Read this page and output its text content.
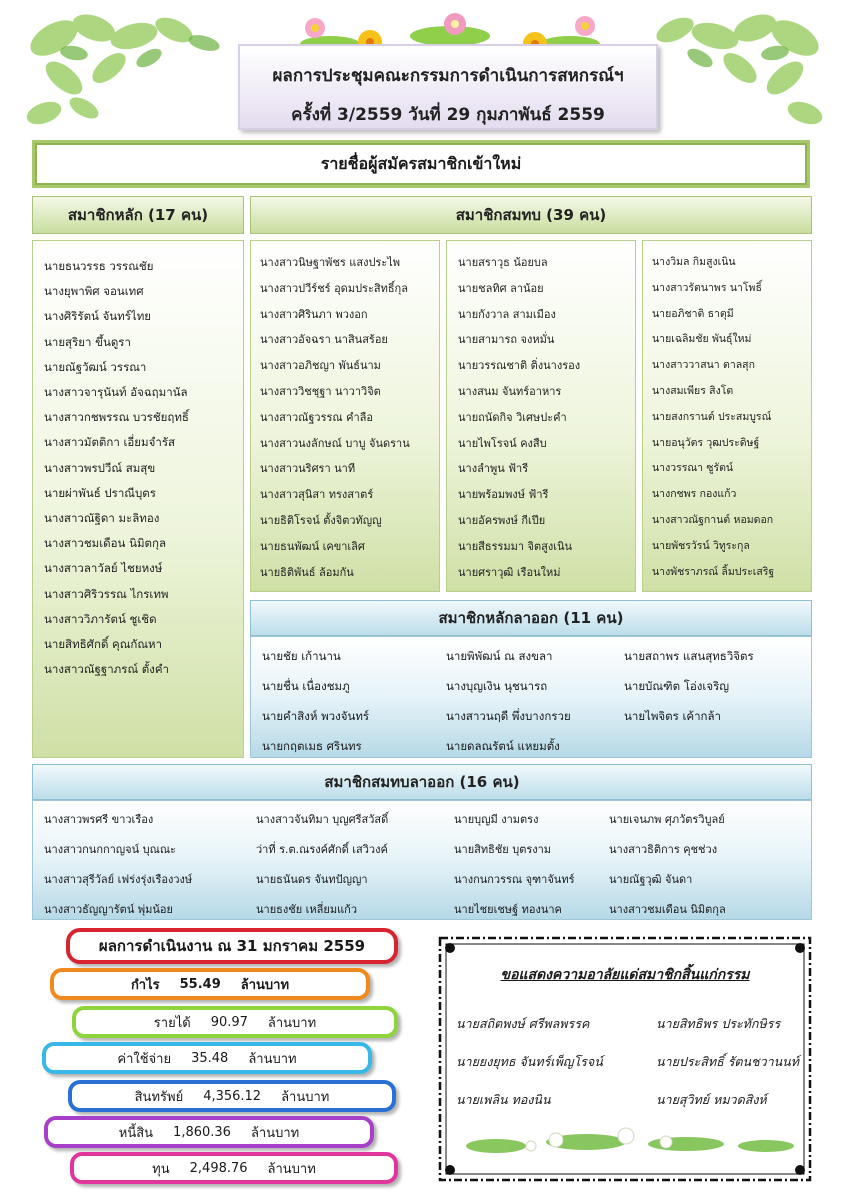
ผลการประชุมคณะกรรมการดำเนินการสหกรณ์ฯ
ครั้งที่ 3/2559 วันที่ 29 กุมภาพันธ์ 2559
รายชื่อผู้สมัครสมาชิกเข้าใหม่
สมาชิกหลัก (17 คน)
นายธนวรรธ วรรณชัย
นางยุพาพิศ จอนเทศ
นางศิริรัตน์ จันทร์ไทย
นายสุริยา ขึ้นดูรา
นายณัฐวัฒน์ วรรณา
นางสาวจารุนันท์ อัจฉฤมานัล
นางสาวกชพรรณ บวรชัยฤทธิ์
นางสาวมัตติกา เอี่ยมจำรัส
นางสาวพรปวีณ์ สมสุข
นายผ่าพันธ์ ปราณีบุตร
นางสาวณัฐิดา มะลิทอง
นางสาวชมเดือน นิมิตกุล
นางสาวลาวัลย์ ไชยหงษ์
นางสาวศิริวรรณ ไกรเทพ
นางสาววิภารัตน์ ชูเชิด
นายสิทธิศักดิ์ คุณกัณหา
นางสาวณัฐฐาภรณ์ ตั้งคำ
สมาชิกสมทบ (39 คน)
นางสาวนิษฐาพัชร แสงประไพ
นางสาวปวีร์ชร์ อุดมประสิทธิ์กุล
นางสาวศิรินภา พวงอก
นางสาวอัจฉรา นาสินสร้อย
นางสาวอภิชญา พันธ์นาม
นางสาววิชชุฐา นาวาวิจิต
นางสาวณัฐวรรณ คำลือ
นางสาวนงลักษณ์ บาบู จันดราน
นางสาวนริศรา นาที
นางสาวสุนิสา ทรงสาตร์
นายธิติโรจน์ ตั้งจิตวทัญญู
นายธนพัฒน์ เคขาเลิศ
นายธิติพันธ์ ล้อมกัน
นายสราวุธ น้อยบล
นายชลทิศ ลาน้อย
นายกังวาล สามเมือง
นายสามารถ จงหมั่น
นายวรรณชาติ ติ่งนางรอง
นางสนม จันทร์อาหาร
นายถนัดกิจ วิเศษปะคำ
นายไพโรจน์ คงสืบ
นางลำพูน ฟ้ารี
นายพร้อมพงษ์ ฟ้ารี
นายอัครพงษ์ กีเปีย
นายสีธรรมมา จิตสูงเนิน
นายศราวุฒิ เรือนใหม่
นางวิมล กิมสูงเนิน
นางสาวรัตนาพร นาโพธิ์
นายอภิชาติ ธาตุมี
นายเฉลิมชัย พันธุ์ใหม่
นางสาววาสนา ตาลสุก
นางสมเพียร สิงโต
นายสงกรานต์ ประสมบูรณ์
นายอนุวัตร วุฒประดิษฐ์
นางวรรณา ซูรัตน์
นางกชพร กองแก้ว
นางสาวณัฐกานต์ หอมดอก
นายพัชรวัรน์ วิทูระกุล
นางพัชราภรณ์ ลิ้มประเสริฐ
สมาชิกหลักลาออก (11 คน)
นายชัย เก้านาน	นายพิพัฒน์ ณ สงขลา	นายสถาพร แสนสุทธวิจิตร
นายชื่น เนื่องชมภู	นางบุญเงิน นุชนารถ	นายบัณฑิต โอ่งเจริญ
นายคำสิงห์ พวงจันทร์	นางสาวนฤดี พึ่งบางกรวย	นายไพจิตร เค้ากล้า
นายกฤตเมธ ศรินทร	นายดลณรัตน์ แหยมตั้ง
สมาชิกสมทบลาออก (16 คน)
นางสาวพรศรี ขาวเรือง	นางสาวจันทิมา บุญศรีสวัสดิ์	นายบุญมี งามตรง	นายเจนภพ ศุภวัตรวิบูลย์
นางสาวกนกกาญจน์ บุณณะ	ว่าที่ ร.ต.ณรงค์ศักดิ์ เสวิวงค์	นายสิทธิชัย บุตรงาม	นางสาวธิติการ คุชช่วง
นางสาวสุรีวัลย์ เฟร่งรุ่งเรืองวงษ์	นายธนันดร จันทปัญญา	นางกนกวรรณ จุฑาจันทร์	นายณัฐวุฒิ จันดา
นางสาวธัญญารัตน์ พุ่มน้อย	นายธงชัย เหลี่ยมแก้ว	นายไชยเชษฐ์ ทองนาค	นางสาวชมเดือน นิมิตกุล
ผลการดำเนินงาน ณ 31 มกราคม 2559
กำไร 55.49 ล้านบาท
รายได้ 90.97 ล้านบาท
ค่าใช้จ่าย 35.48 ล้านบาท
สินทรัพย์ 4,356.12 ล้านบาท
หนี้สิน 1,860.36 ล้านบาท
ทุน 2,498.76 ล้านบาท
ขอแสดงความอาลัยแด่สมาชิกสิ้นแก่กรรม
นายสถิตพงษ์ ศรีพลพรรค	นายสิทธิพร ประทักษิรร
นายยงยุทธ จันทร์เพ็ญโรจน์	นายประสิทธิ์ รัตนชวานนท์
นายเพลิน ทองนิน	นายสุวิทย์ หมวดสิงห์
